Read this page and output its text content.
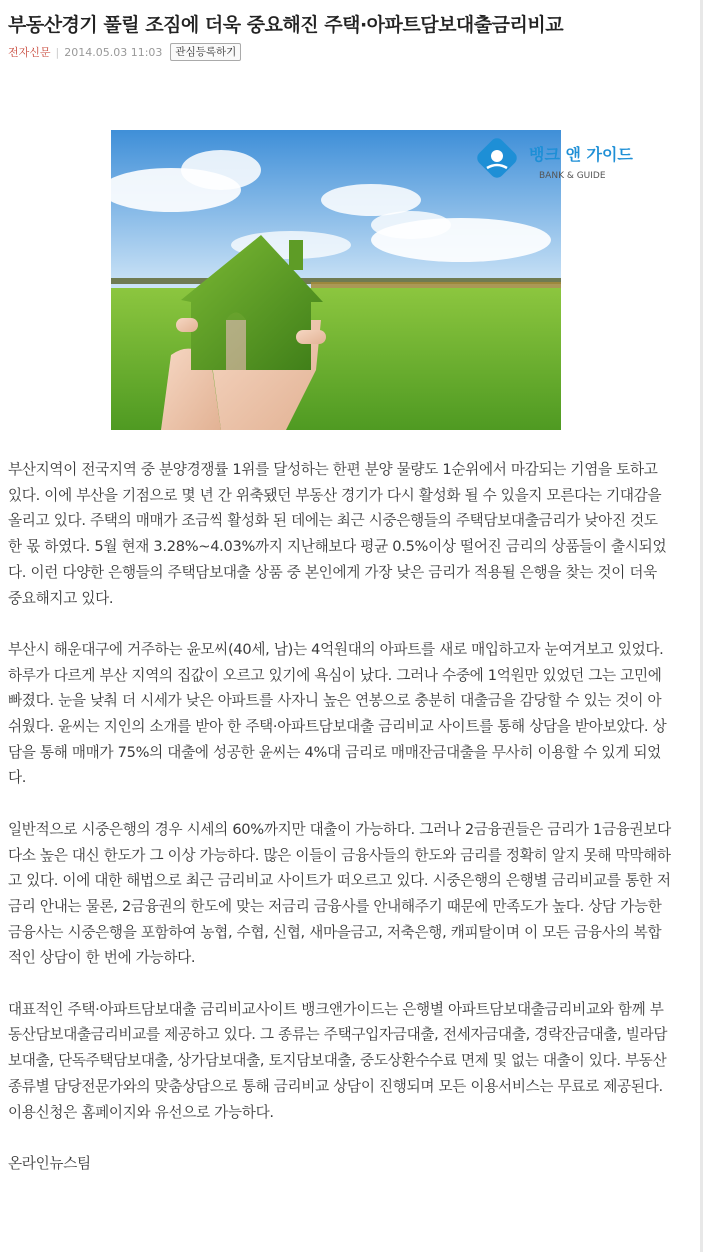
부동산경기 풀릴 조짐에 더욱 중요해진 주택·아파트담보대출금리비교
전자신문 | 2014.05.03 11:03	관심등록하기
뱅크 앤 가이드
BANK & GUIDE

부산지역이 전국지역 중 분양경쟁률 1위를 달성하는 한편 분양 물량도 1순위에서 마감되는 기염을 토하고 있다. 이에 부산을 기점으로 몇 년 간 위축됐던 부동산 경기가 다시 활성화 될 수 있을지 모른다는 기대감을 올리고 있다. 주택의 매매가 조금씩 활성화 된 데에는 최근 시중은행들의 주택담보대출금리가 낮아진 것도 한 몫 하였다. 5월 현재 3.28%~4.03%까지 지난해보다 평균 0.5%이상 떨어진 금리의 상품들이 출시되었다. 이런 다양한 은행들의 주택담보대출 상품 중 본인에게 가장 낮은 금리가 적용될 은행을 찾는 것이 더욱 중요해지고 있다.

부산시 해운대구에 거주하는 윤모씨(40세, 남)는 4억원대의 아파트를 새로 매입하고자 눈여겨보고 있었다. 하루가 다르게 부산 지역의 집값이 오르고 있기에 욕심이 났다. 그러나 수중에 1억원만 있었던 그는 고민에 빠졌다. 눈을 낮춰 더 시세가 낮은 아파트를 사자니 높은 연봉으로 충분히 대출금을 감당할 수 있는 것이 아쉬웠다. 윤씨는 지인의 소개를 받아 한 주택·아파트담보대출 금리비교 사이트를 통해 상담을 받아보았다. 상담을 통해 매매가 75%의 대출에 성공한 윤씨는 4%대 금리로 매매잔금대출을 무사히 이용할 수 있게 되었다.

일반적으로 시중은행의 경우 시세의 60%까지만 대출이 가능하다. 그러나 2금융권들은 금리가 1금융권보다 다소 높은 대신 한도가 그 이상 가능하다. 많은 이들이 금융사들의 한도와 금리를 정확히 알지 못해 막막해하고 있다. 이에 대한 해법으로 최근 금리비교 사이트가 떠오르고 있다. 시중은행의 은행별 금리비교를 통한 저금리 안내는 물론, 2금융권의 한도에 맞는 저금리 금융사를 안내해주기 때문에 만족도가 높다. 상담 가능한 금융사는 시중은행을 포함하여 농협, 수협, 신협, 새마을금고, 저축은행, 캐피탈이며 이 모든 금융사의 복합적인 상담이 한 번에 가능하다.

대표적인 주택·아파트담보대출 금리비교사이트 뱅크앤가이드는 은행별 아파트담보대출금리비교와 함께 부동산담보대출금리비교를 제공하고 있다. 그 종류는 주택구입자금대출, 전세자금대출, 경락잔금대출, 빌라담보대출, 단독주택담보대출, 상가담보대출, 토지담보대출, 중도상환수수료 면제 및 없는 대출이 있다. 부동산 종류별 담당전문가와의 맞춤상담으로 통해 금리비교 상담이 진행되며 모든 이용서비스는 무료로 제공된다. 이용신청은 홈페이지와 유선으로 가능하다.

온라인뉴스팀
